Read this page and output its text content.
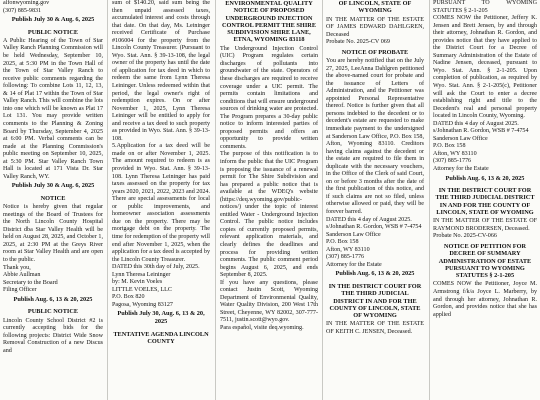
alfonwyoming.gov

(307) 885-9831

Publish July 30 & Aug. 6, 2025
PUBLIC NOTICE

A Public Hearing of the Town of Star Valley Ranch Planning Commission will be held Wednesday, September 10, 2025, at 5:30 PM in the Town Hall of the Town of Star Valley Ranch to receive public comments regarding the following: To combine Lots 11, 12, 13, & 14 of Plat 17 within the Town of Star Valley Ranch. This will combine the lots into one which will be known as Plat 17 Lot 131. You may provide written comments to the Planning & Zoning Board by Thursday, September 4, 2025 at 6:00 PM. Verbal comments can be made at the Planning Commission's public meeting on September 10, 2025, at 5:30 PM. Star Valley Ranch Town Hall is located at 171 Vista Dr. Star Valley Ranch, WY.

Publish July 30 & Aug. 6, 2025
NOTICE

Notice is hereby given that regular meetings of the Board of Trustees for the North Lincoln County Hospital District dba Star Valley Health will be held on August 28, 2025, and October 1, 2025, at 2:30 PM at the Greys River room at Star Valley Health and are open to the public.

Thank you,

Abbie Aullman

Secretary to the Board

Filing Officer

Publish Aug. 6, 13 & 20, 2025
PUBLIC NOTICE

Lincoln County School District #2 is currently accepting bids for the following projects: District Wide Snow Removal Construction of a new Discus and

sum of $140.20, said sum being the then unpaid assessed taxes, accumulated interest and costs through that date. On that day, Ms. Leininger received Certificate of Purchase #106004 for the property from the Lincoln County Treasurer. (Pursuant to Wyo. Stat. Ann. § 39-13-108, the legal owner of the property has until the date of application for tax deed in which to redeem the same from Lynn Theresa Leininger. Unless redeemed within that period, the legal owner's right of redemption expires. On or after November 1, 2025, Lynn Theresa Leininger will be entitled to apply for and receive a tax deed to such property as provided in Wyo. Stat. Ann. § 39-13-108.

5.Application for a tax deed will be made on or after November 1, 2025. The amount required to redeem is as provided in Wyo. Stat. Ann. § 39-13-108. Lynn Theresa Leininger has paid taxes assessed on the property for tax years 2020, 2021, 2022, 2023 and 2024. There are special assessments for local or public improvements, and homeowner association assessments due on the property. There may be mortgage debt on the property. The time for redemption of the property will end after November 1, 2025, when the application for a tax deed is accepted by the Lincoln County Treasurer.

DATED this 30th day of July, 2025.

Lynn Theresa Leininger

by: M. Kevin Voeles

LITTLE VOELES, LLC

P.O. Box 820

Pagosa, Wyoming 83127

Publish July 30, Aug. 6, 13 & 20, 2025
TENTATIVE AGENDA LINCOLN COUNTY
ENVIRONMENTAL QUALITY NOTICE OF PROPOSED UNDERGROUND INJECTION CONTROL PERMIT THE SHIRE SUBDIVISION SHIRE LANE, ETNA, WYOMING 83118

The Underground Injection Control (UIC) Program regulates certain discharges of pollutants into groundwater of the state. Operators of these discharges are required to receive coverage under a UIC permit. The permits contain limitations and conditions that will ensure underground sources of drinking water are protected. The Program prepares a 30-day public notice to inform interested parties of proposed permits and offers an opportunity to provide written comments.

The purpose of this notification is to inform the public that the UIC Program is proposing the issuance of a renewal permit for The Shire Subdivision and has prepared a public notice that is available at the WDEQ's website (https://deq.wyoming.gov/public-notices/) under the topic of interest entitled Water - Underground Injection Control. The public notice includes copies of currently proposed permits, relevant application materials, and clearly defines the deadlines and process for providing written comments. The public comment period begins August 6, 2025, and ends September 8, 2025.

If you have any questions, please contact Justin Scott, Wyoming Department of Environmental Quality, Water Quality Division, 200 West 17th Street, Cheyenne, WY 82002, 307-777-7511, justin.scott@wyo.gov.

Para español, visite deq.wyoming.

OF LINCOLN, STATE OF WYOMING

IN THE MATTER OF THE ESTATE OF JAMES EDWARD DAHLGREN, Deceased

Probate No. 2025-CV 069

NOTICE OF PROBATE

You are hereby notified that on the July 27, 2025, LeeAnna Dahlgren petitioned the above-named court for probate and the issuance of Letters of Administration, and the Petitioner was appointed Personal Representative thereof. Notice is further given that all persons indebted to the decedent or to decedent's estate are requested to make immediate payment to the undersigned at Sanderson Law Office, P.O. Box 158, Afton, Wyoming 83110. Creditors having claims against the decedent or the estate are required to file them in duplicate with the necessary vouchers, in the Office of the Clerk of said Court, on or before 3 months after the date of the first publication of this notice, and if such claims are not so filed, unless otherwise allowed or paid, they will be forever barred.

DATED this 4 day of August 2025.

s/Johnathan R. Gordon, WSB # 7-4754

Sanderson Law Office

P.O. Box 158

Afton, WY 83110

(307) 885-1776

Attorney for the Estate

Publish Aug. 6, 13 & 20, 2025
IN THE DISTRICT COURT FOR THE THIRD JUDICIAL DISTRICT IN AND FOR THE COUNTY OF LINCOLN, STATE OF WYOMING

IN THE MATTER OF THE ESTATE OF KEITH C. JENSEN, Deceased.

PURSUANT TO WYOMING STATUTES § 2-1-205

COMES NOW the Petitioner, Jeffery K. Jensen and Brett Jensen, by and through their attorney, Johnathan R. Gordon, and provides notice that they have applied to the District Court for a Decree of Summary Administration of the Estate of Nadine Jensen, deceased, pursuant to Wyo. Stat. Ann. § 2-1-205. Upon completion of publication, as required by Wyo. Stat. Ann. § 2-1-205(c), Petitioner will ask the Court to enter a decree establishing right and title to the Decedent's real and personal property located in Lincoln County, Wyoming.

DATED this 4 day of August 2025.

s/Johnathan R. Gordon, WSB # 7-4754

Sanderson Law Office

P.O. Box 158

Afton, WY 83110

(307) 885-1776

Attorney for the Estate

Publish Aug. 6, 13 & 20, 2025
IN THE DISTRICT COURT FOR THE THIRD JUDICIAL DISTRICT IN AND FOR THE COUNTY OF LINCOLN, STATE OF WYOMING

IN THE MATTER OF THE ESTATE OF RAYMOND BRODERSEN, Deceased.

Probate No. 2025-CV-066

NOTICE OF PETITION FOR DECREE OF SUMMARY ADMINISTRATION OF ESTATE PURSUANT TO WYOMING STATUTES § 2-1-205

COMES NOW the Petitioner, Joyce M. Armstrong f/k/a Joyce L. Marberry, by and through her attorney, Johnathan R. Gordon, and provides notice that she has applied
